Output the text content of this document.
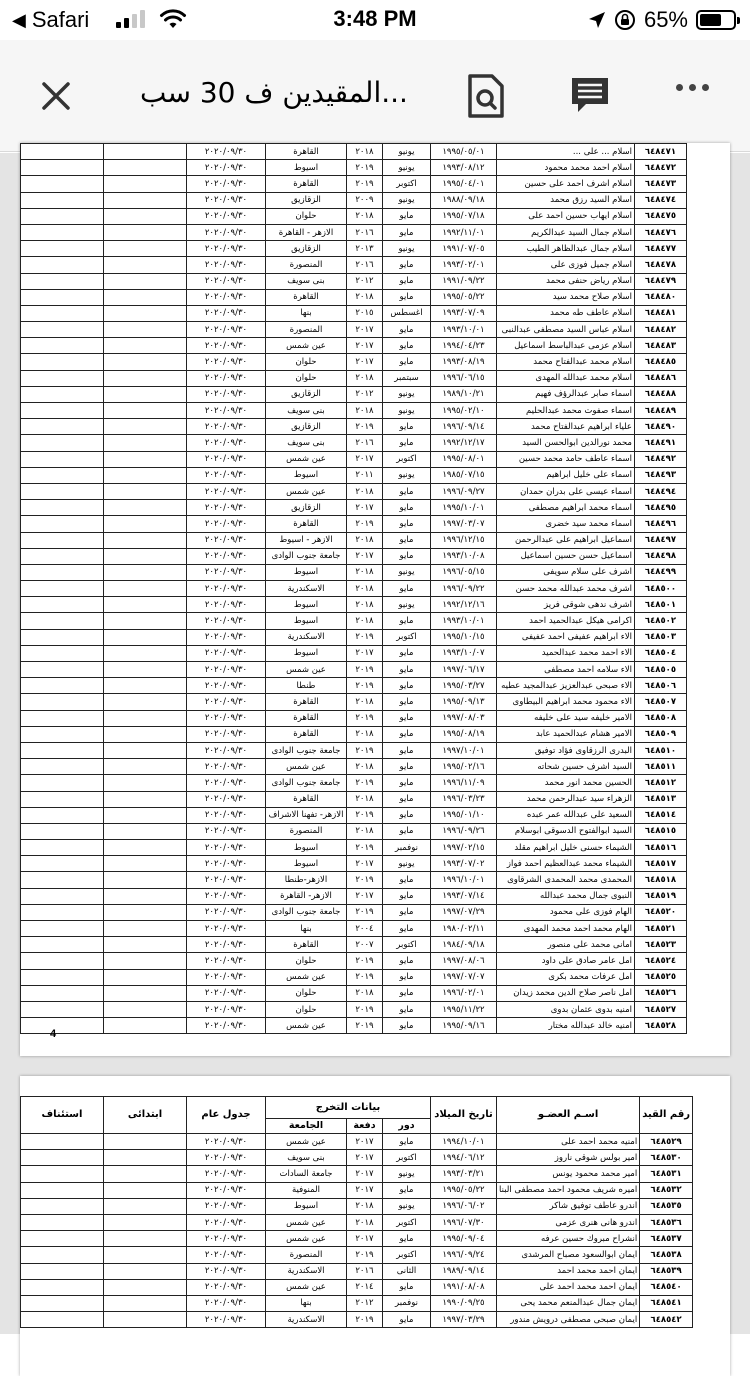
◀ Safari	3:48 PM	65%
المقيدين ف 30 سب...
٦٤٨٤٧١	اسلام ... على ...	١٩٩٥/٠٥/٠١	يونيو	٢٠١٨	القاهرة	٢٠٢٠/٠٩/٣٠		
٦٤٨٤٧٢	اسلام احمد محمد محمود	١٩٩٣/٠٨/١٢	يونيو	٢٠١٩	اسيوط	٢٠٢٠/٠٩/٣٠		
٦٤٨٤٧٣	اسلام اشرف احمد على حسين	١٩٩٥/٠٤/٠١	اكتوبر	٢٠١٩	القاهرة	٢٠٢٠/٠٩/٣٠		
٦٤٨٤٧٤	اسلام السيد رزق محمد	١٩٨٨/٠٩/١٨	يونيو	٢٠٠٩	الزقازيق	٢٠٢٠/٠٩/٣٠		
٦٤٨٤٧٥	اسلام ايهاب حسين احمد على	١٩٩٥/٠٧/١٨	مايو	٢٠١٨	حلوان	٢٠٢٠/٠٩/٣٠		
٦٤٨٤٧٦	اسلام جمال السيد عبدالكريم	١٩٩٢/١١/٠١	مايو	٢٠١٦	الازهر - القاهرة	٢٠٢٠/٠٩/٣٠		
٦٤٨٤٧٧	اسلام جمال عبدالظاهر الطيب	١٩٩١/٠٧/٠٥	يونيو	٢٠١٣	الزقازيق	٢٠٢٠/٠٩/٣٠		
٦٤٨٤٧٨	اسلام جميل فوزى على	١٩٩٣/٠٢/٠١	مايو	٢٠١٦	المنصورة	٢٠٢٠/٠٩/٣٠		
٦٤٨٤٧٩	اسلام رياض حنفى محمد	١٩٩١/٠٩/٢٢	مايو	٢٠١٢	بنى سويف	٢٠٢٠/٠٩/٣٠		
٦٤٨٤٨٠	اسلام صلاح محمد سيد	١٩٩٥/٠٥/٢٢	مايو	٢٠١٨	القاهرة	٢٠٢٠/٠٩/٣٠		
٦٤٨٤٨١	اسلام عاطف طه محمد	١٩٩٣/٠٧/٠٩	اغسطس	٢٠١٥	بنها	٢٠٢٠/٠٩/٣٠		
٦٤٨٤٨٢	اسلام عباس السيد مصطفى عبدالنبى	١٩٩٣/١٠/٠١	مايو	٢٠١٧	المنصورة	٢٠٢٠/٠٩/٣٠		
٦٤٨٤٨٣	اسلام عزمى عبدالباسط اسماعيل	١٩٩٤/٠٤/٢٣	مايو	٢٠١٧	عين شمس	٢٠٢٠/٠٩/٣٠		
٦٤٨٤٨٥	اسلام محمد عبدالفتاح محمد	١٩٩٣/٠٨/١٩	مايو	٢٠١٧	حلوان	٢٠٢٠/٠٩/٣٠		
٦٤٨٤٨٦	اسلام محمد عبدالله المهدى	١٩٩٦/٠٦/١٥	سبتمبر	٢٠١٨	حلوان	٢٠٢٠/٠٩/٣٠		
٦٤٨٤٨٨	اسماء صابر عبدالرؤف فهيم	١٩٨٩/١٠/٢١	يونيو	٢٠١٢	الزقازيق	٢٠٢٠/٠٩/٣٠		
٦٤٨٤٨٩	اسماء صفوت محمد عبدالحليم	١٩٩٥/٠٢/١٠	يونيو	٢٠١٨	بنى سويف	٢٠٢٠/٠٩/٣٠		
٦٤٨٤٩٠	علياء ابراهيم عبدالفتاح محمد	١٩٩٦/٠٩/١٤	مايو	٢٠١٩	الزقازيق	٢٠٢٠/٠٩/٣٠		
٦٤٨٤٩١	محمد نورالدين ابوالحسن السيد	١٩٩٢/١٢/١٧	مايو	٢٠١٦	بنى سويف	٢٠٢٠/٠٩/٣٠		
٦٤٨٤٩٢	اسماء عاطف حامد محمد حسين	١٩٩٥/٠٨/٠١	اكتوبر	٢٠١٧	عين شمس	٢٠٢٠/٠٩/٣٠		
٦٤٨٤٩٣	اسماء على خليل ابراهيم	١٩٨٥/٠٧/١٥	يونيو	٢٠١١	اسيوط	٢٠٢٠/٠٩/٣٠		
٦٤٨٤٩٤	اسماء عيسى على بدران حمدان	١٩٩٦/٠٩/٢٧	مايو	٢٠١٨	عين شمس	٢٠٢٠/٠٩/٣٠		
٦٤٨٤٩٥	اسماء محمد ابراهيم مصطفى	١٩٩٥/١٠/٠١	مايو	٢٠١٧	الزقازيق	٢٠٢٠/٠٩/٣٠		
٦٤٨٤٩٦	اسماء محمد سيد خضرى	١٩٩٧/٠٣/٠٧	مايو	٢٠١٩	القاهرة	٢٠٢٠/٠٩/٣٠		
٦٤٨٤٩٧	اسماعيل ابراهيم على عبدالرحمن	١٩٩٦/١٢/١٥	مايو	٢٠١٨	الازهر - اسيوط	٢٠٢٠/٠٩/٣٠		
٦٤٨٤٩٨	اسماعيل حسن حسين اسماعيل	١٩٩٣/١٠/٠٨	مايو	٢٠١٧	جامعة جنوب الوادى	٢٠٢٠/٠٩/٣٠		
٦٤٨٤٩٩	اشرف على سلام سويفى	١٩٩٦/٠٥/١٥	يونيو	٢٠١٨	اسيوط	٢٠٢٠/٠٩/٣٠		
٦٤٨٥٠٠	اشرف محمد عبدالله محمد حسن	١٩٩٦/٠٩/٢٢	مايو	٢٠١٨	الاسكندرية	٢٠٢٠/٠٩/٣٠		
٦٤٨٥٠١	اشرف ندهى شوقى فريز	١٩٩٢/١٢/١٦	يونيو	٢٠١٨	اسيوط	٢٠٢٠/٠٩/٣٠		
٦٤٨٥٠٢	اكرامى هيكل عبدالحميد احمد	١٩٩٣/١٠/٠١	مايو	٢٠١٨	اسيوط	٢٠٢٠/٠٩/٣٠		
٦٤٨٥٠٣	الاء ابراهيم عفيفى احمد عفيفى	١٩٩٥/١٠/١٥	اكتوبر	٢٠١٩	الاسكندرية	٢٠٢٠/٠٩/٣٠		
٦٤٨٥٠٤	الاء احمد محمد عبدالحميد	١٩٩٣/١٠/٠٧	مايو	٢٠١٧	اسيوط	٢٠٢٠/٠٩/٣٠		
٦٤٨٥٠٥	الاء سلامه احمد مصطفى	١٩٩٧/٠٦/١٧	مايو	٢٠١٩	عين شمس	٢٠٢٠/٠٩/٣٠		
٦٤٨٥٠٦	الاء صبحى عبدالعزيز عبدالمجيد عطيه	١٩٩٥/٠٣/٢٧	مايو	٢٠١٩	طنطا	٢٠٢٠/٠٩/٣٠		
٦٤٨٥٠٧	الاء محمود محمد ابراهيم البيطاوى	١٩٩٥/٠٩/١٣	مايو	٢٠١٨	القاهرة	٢٠٢٠/٠٩/٣٠		
٦٤٨٥٠٨	الامير خليفه سيد على خليفه	١٩٩٧/٠٨/٠٣	مايو	٢٠١٩	القاهرة	٢٠٢٠/٠٩/٣٠		
٦٤٨٥٠٩	الامير هشام عبدالحميد عابد	١٩٩٥/٠٨/١٩	مايو	٢٠١٨	القاهرة	٢٠٢٠/٠٩/٣٠		
٦٤٨٥١٠	البدرى الرزقاوى فؤاد توفيق	١٩٩٧/١٠/٠١	مايو	٢٠١٩	جامعة جنوب الوادى	٢٠٢٠/٠٩/٣٠		
٦٤٨٥١١	السيد اشرف حسين شحاته	١٩٩٥/٠٢/١٦	مايو	٢٠١٨	عين شمس	٢٠٢٠/٠٩/٣٠		
٦٤٨٥١٢	الحسين محمد انور محمد	١٩٩٦/١١/٠٩	مايو	٢٠١٩	جامعة جنوب الوادى	٢٠٢٠/٠٩/٣٠		
٦٤٨٥١٣	الزهراء سيد عبدالرحمن محمد	١٩٩٦/٠٣/٢٣	مايو	٢٠١٨	القاهرة	٢٠٢٠/٠٩/٣٠		
٦٤٨٥١٤	السعيد على عبدالله عمر عبده	١٩٩٥/٠١/١٠	مايو	٢٠١٩	الازهر- تفهنا الاشراف	٢٠٢٠/٠٩/٣٠		
٦٤٨٥١٥	السيد ابوالفتوح الدسوقى ابوسلام	١٩٩٦/٠٩/٢٦	مايو	٢٠١٨	المنصورة	٢٠٢٠/٠٩/٣٠		
٦٤٨٥١٦	الشيماء حسنى خليل ابراهيم مقلد	١٩٩٧/٠٢/١٥	نوفمبر	٢٠١٩	اسيوط	٢٠٢٠/٠٩/٣٠		
٦٤٨٥١٧	الشيماء محمد عبدالعظيم احمد فواز	١٩٩٣/٠٧/٠٢	يونيو	٢٠١٧	اسيوط	٢٠٢٠/٠٩/٣٠		
٦٤٨٥١٨	المحمدى محمد المحمدى الشرقاوى	١٩٩٦/١٠/٠١	مايو	٢٠١٩	الازهر-طنطا	٢٠٢٠/٠٩/٣٠		
٦٤٨٥١٩	النبوى جمال محمد عبدالله	١٩٩٣/٠٧/١٤	مايو	٢٠١٧	الازهر- القاهرة	٢٠٢٠/٠٩/٣٠		
٦٤٨٥٢٠	الهام فوزى على محمود	١٩٩٧/٠٧/٢٩	مايو	٢٠١٩	جامعة جنوب الوادى	٢٠٢٠/٠٩/٣٠		
٦٤٨٥٢١	الهام محمد احمد محمد المهدى	١٩٨٠/٠٢/١١	مايو	٢٠٠٤	بنها	٢٠٢٠/٠٩/٣٠		
٦٤٨٥٢٣	امانى محمد على منصور	١٩٨٤/٠٩/١٨	اكتوبر	٢٠٠٧	القاهرة	٢٠٢٠/٠٩/٣٠		
٦٤٨٥٢٤	امل عامر صادق على داود	١٩٩٧/٠٨/٠٦	مايو	٢٠١٩	حلوان	٢٠٢٠/٠٩/٣٠		
٦٤٨٥٢٥	امل عرفات محمد بكرى	١٩٩٧/٠٧/٠٧	مايو	٢٠١٩	عين شمس	٢٠٢٠/٠٩/٣٠		
٦٤٨٥٢٦	امل ناصر صلاح الدين محمد زيدان	١٩٩٦/٠٢/٠١	مايو	٢٠١٨	حلوان	٢٠٢٠/٠٩/٣٠		
٦٤٨٥٢٧	امنيه بدوى عثمان بدوى	١٩٩٥/١١/٢٢	مايو	٢٠١٩	حلوان	٢٠٢٠/٠٩/٣٠		
٦٤٨٥٢٨	امنيه خالد عبدالله مختار	١٩٩٥/٠٩/١٦	مايو	٢٠١٩	عين شمس	٢٠٢٠/٠٩/٣٠		
4
رقم القيد	اسـم العضـو	تاريخ الميلاد	بيانات التخرج			جدول عام	ابتدائى	استئناف
			دور	دفعة	الجامعة			
٦٤٨٥٢٩	امنيه محمد احمد على	١٩٩٤/١٠/٠١	مايو	٢٠١٧	عين شمس	٢٠٢٠/٠٩/٣٠		
٦٤٨٥٣٠	امير بولس شوقى ناروز	١٩٩٤/٠٦/١٢	اكتوبر	٢٠١٧	بنى سويف	٢٠٢٠/٠٩/٣٠		
٦٤٨٥٣١	امير محمد محمود يونس	١٩٩٣/٠٣/٢١	يونيو	٢٠١٧	جامعة السادات	٢٠٢٠/٠٩/٣٠		
٦٤٨٥٣٢	اميره شريف محمود احمد مصطفى البنا	١٩٩٥/٠٥/٢٢	مايو	٢٠١٧	المنوفية	٢٠٢٠/٠٩/٣٠		
٦٤٨٥٣٥	اندرو عاطف توفيق شاكر	١٩٩٦/٠٦/٠٢	يونيو	٢٠١٨	اسيوط	٢٠٢٠/٠٩/٣٠		
٦٤٨٥٣٦	اندرو هانى هنرى عزمى	١٩٩٦/٠٧/٣٠	اكتوبر	٢٠١٨	عين شمس	٢٠٢٠/٠٩/٣٠		
٦٤٨٥٣٧	انشراح مبروك حسين عرفه	١٩٩٥/٠٩/٠٤	مايو	٢٠١٧	عين شمس	٢٠٢٠/٠٩/٣٠		
٦٤٨٥٣٨	ايمان ابوالسعود مصباح المرشدى	١٩٩٦/٠٩/٢٤	اكتوبر	٢٠١٩	المنصورة	٢٠٢٠/٠٩/٣٠		
٦٤٨٥٣٩	ايمان احمد محمد احمد	١٩٨٩/٠٩/١٤	الثانى	٢٠١٦	الاسكندرية	٢٠٢٠/٠٩/٣٠		
٦٤٨٥٤٠	ايمان احمد محمد احمد على	١٩٩١/٠٨/٠٨	مايو	٢٠١٤	عين شمس	٢٠٢٠/٠٩/٣٠		
٦٤٨٥٤١	ايمان جمال عبدالمنعم محمد يحى	١٩٩٠/٠٩/٢٥	نوفمبر	٢٠١٢	بنها	٢٠٢٠/٠٩/٣٠		
٦٤٨٥٤٢	ايمان صبحى مصطفى درويش مندور	١٩٩٧/٠٣/٢٩	مايو	٢٠١٩	الاسكندرية	٢٠٢٠/٠٩/٣٠		
